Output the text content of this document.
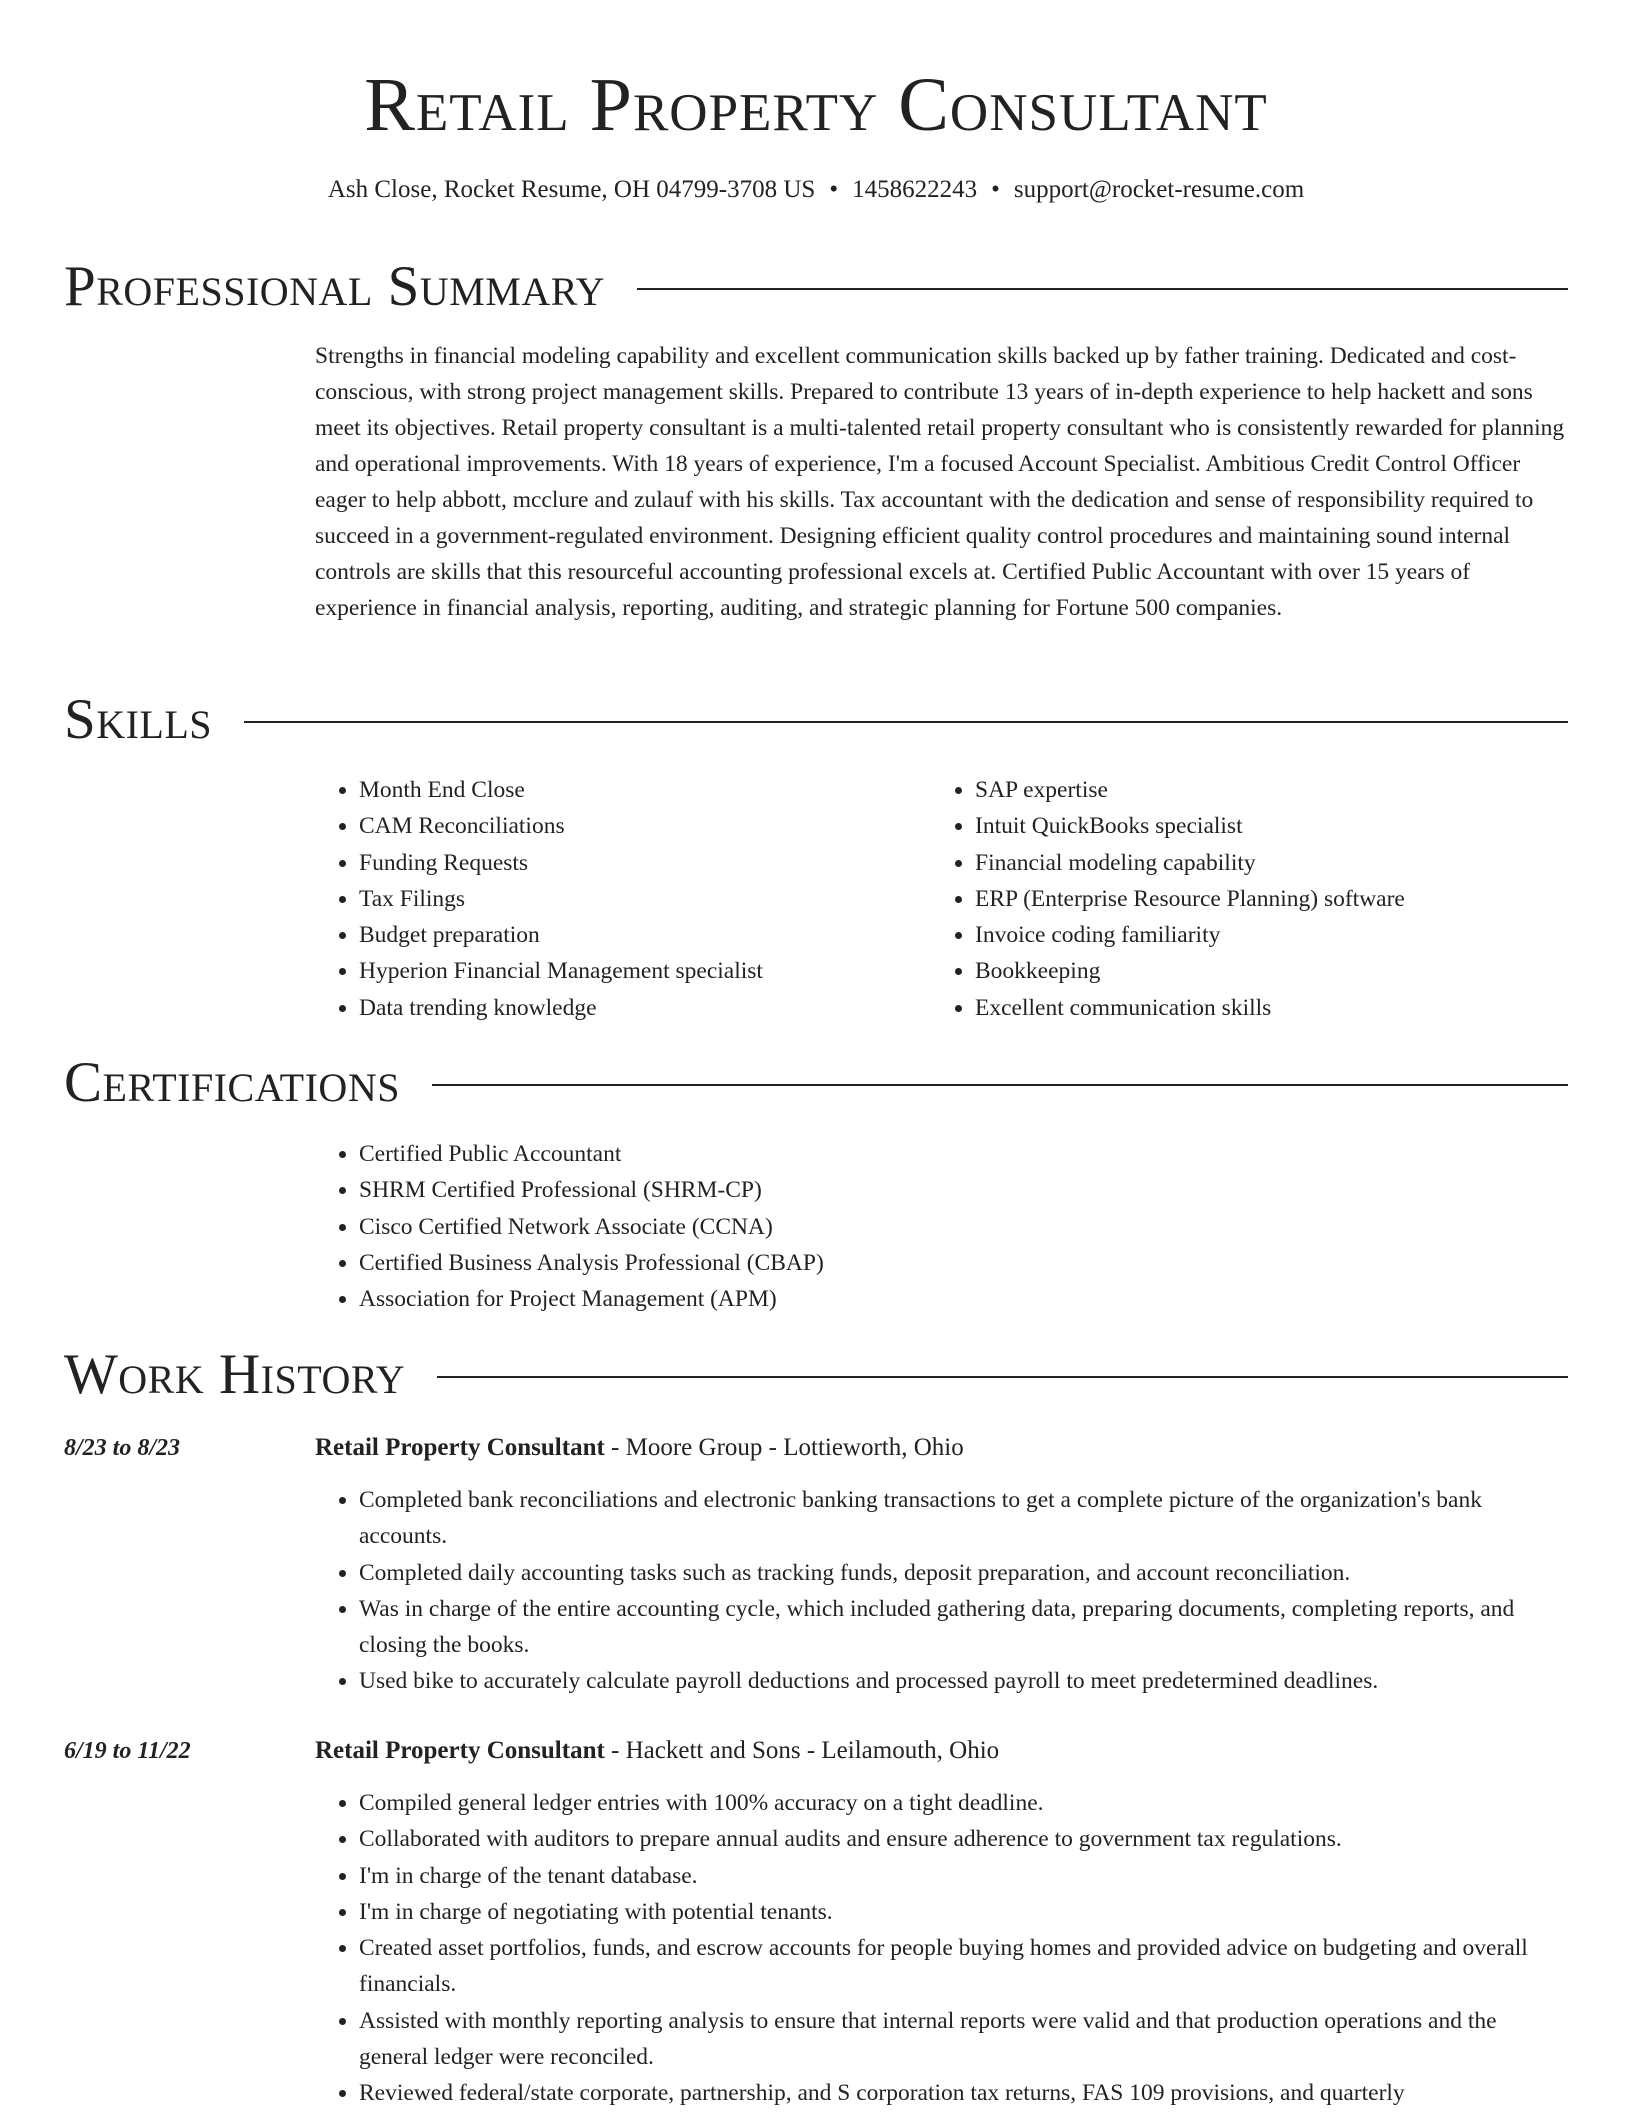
Retail Property Consultant
Ash Close, Rocket Resume, OH 04799-3708 US • 1458622243 • support@rocket-resume.com
Professional Summary

Strengths in financial modeling capability and excellent communication skills backed up by father training. Dedicated and cost-conscious, with strong project management skills. Prepared to contribute 13 years of in-depth experience to help hackett and sons meet its objectives. Retail property consultant is a multi-talented retail property consultant who is consistently rewarded for planning and operational improvements. With 18 years of experience, I'm a focused Account Specialist. Ambitious Credit Control Officer eager to help abbott, mcclure and zulauf with his skills. Tax accountant with the dedication and sense of responsibility required to succeed in a government-regulated environment. Designing efficient quality control procedures and maintaining sound internal controls are skills that this resourceful accounting professional excels at. Certified Public Accountant with over 15 years of experience in financial analysis, reporting, auditing, and strategic planning for Fortune 500 companies.

Skills
• Month End Close
• CAM Reconciliations
• Funding Requests
• Tax Filings
• Budget preparation
• Hyperion Financial Management specialist
• Data trending knowledge
• SAP expertise
• Intuit QuickBooks specialist
• Financial modeling capability
• ERP (Enterprise Resource Planning) software
• Invoice coding familiarity
• Bookkeeping
• Excellent communication skills
Certifications
• Certified Public Accountant
• SHRM Certified Professional (SHRM-CP)
• Cisco Certified Network Associate (CCNA)
• Certified Business Analysis Professional (CBAP)
• Association for Project Management (APM)
Work History
8/23 to 8/23	Retail Property Consultant - Moore Group - Lottieworth, Ohio
• Completed bank reconciliations and electronic banking transactions to get a complete picture of the organization's bank accounts.
• Completed daily accounting tasks such as tracking funds, deposit preparation, and account reconciliation.
• Was in charge of the entire accounting cycle, which included gathering data, preparing documents, completing reports, and closing the books.
• Used bike to accurately calculate payroll deductions and processed payroll to meet predetermined deadlines.
6/19 to 11/22	Retail Property Consultant - Hackett and Sons - Leilamouth, Ohio
• Compiled general ledger entries with 100% accuracy on a tight deadline.
• Collaborated with auditors to prepare annual audits and ensure adherence to government tax regulations.
• I'm in charge of the tenant database.
• I'm in charge of negotiating with potential tenants.
• Created asset portfolios, funds, and escrow accounts for people buying homes and provided advice on budgeting and overall financials.
• Assisted with monthly reporting analysis to ensure that internal reports were valid and that production operations and the general ledger were reconciled.
• Reviewed federal/state corporate, partnership, and S corporation tax returns, FAS 109 provisions, and quarterly
